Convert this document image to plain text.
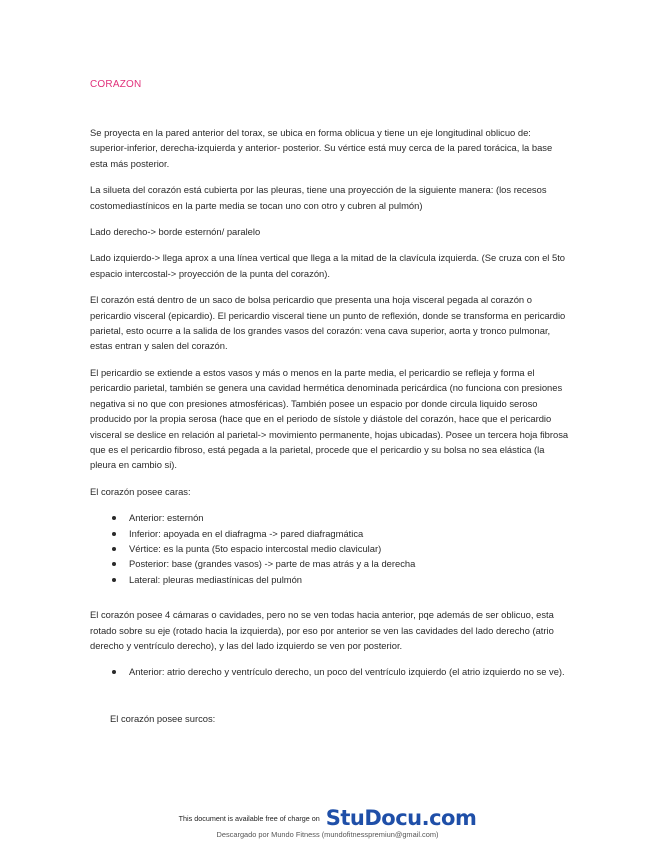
CORAZON

Se proyecta en la pared anterior del torax, se ubica en forma oblicua y tiene un eje longitudinal oblicuo de: superior-inferior, derecha-izquierda y anterior- posterior. Su vértice está muy cerca de la pared torácica, la base esta más posterior.

La silueta del corazón está cubierta por las pleuras, tiene una proyección de la siguiente manera: (los recesos costomediastínicos en la parte media se tocan uno con otro y cubren al pulmón)

Lado derecho-> borde esternón/ paralelo

Lado izquierdo-> llega aprox a una línea vertical que llega a la mitad de la clavícula izquierda. (Se cruza con el 5to espacio intercostal-> proyección de la punta del corazón).

El corazón está dentro de un saco de bolsa pericardio que presenta una hoja visceral pegada al corazón o pericardio visceral (epicardio). El pericardio visceral tiene un punto de reflexión, donde se transforma en pericardio parietal, esto ocurre a la salida de los grandes vasos del corazón: vena cava superior, aorta y tronco pulmonar, estas entran y salen del corazón.

El pericardio se extiende a estos vasos y más o menos en la parte media, el pericardio se refleja y forma el pericardio parietal, también se genera una cavidad hermética denominada pericárdica (no funciona con presiones negativa si no que con presiones atmosféricas). También posee un espacio por donde circula liquido seroso producido por la propia serosa (hace que en el periodo de sístole y diástole del corazón, hace que el pericardio visceral se deslice en relación al parietal-> movimiento permanente, hojas ubicadas). Posee un tercera hoja fibrosa que es el pericardio fibroso, está pegada a la parietal, procede que el pericardio y su bolsa no sea elástica (la pleura en cambio si).

El corazón posee caras:

Anterior: esternón
Inferior: apoyada en el diafragma -> pared diafragmática
Vértice: es la punta (5to espacio intercostal medio clavicular)
Posterior: base (grandes vasos) -> parte de mas atrás y a la derecha
Lateral: pleuras mediastínicas del pulmón

El corazón posee 4 cámaras o cavidades, pero no se ven todas hacia anterior, pqe además de ser oblicuo, esta rotado sobre su eje (rotado hacia la izquierda), por eso por anterior se ven las cavidades del lado derecho (atrio derecho y ventrículo derecho), y las del lado izquierdo se ven por posterior.

Anterior: atrio derecho y ventrículo derecho, un poco del ventrículo izquierdo (el atrio izquierdo no se ve).

El corazón posee surcos:

This document is available free of charge on StuDocu.com
Descargado por Mundo Fitness (mundofitnesspremiun@gmail.com)
